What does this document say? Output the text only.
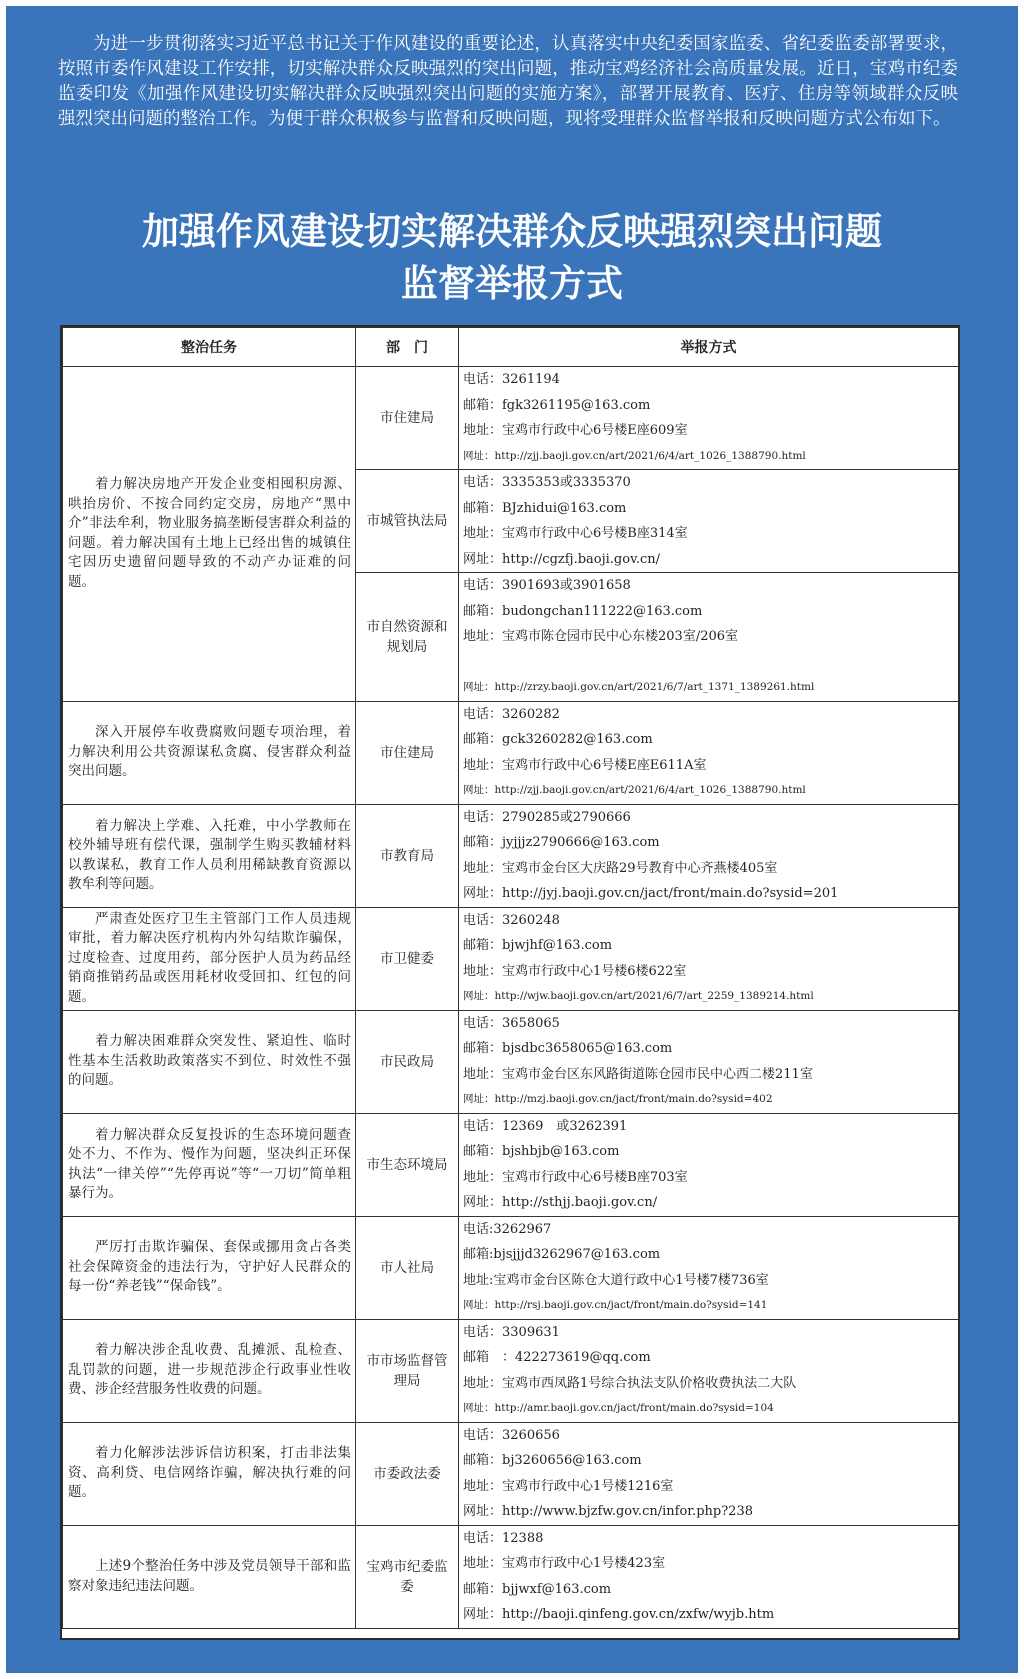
为进一步贯彻落实习近平总书记关于作风建设的重要论述，认真落实中央纪委国家监委、省纪委监委部署要求，按照市委作风建设工作安排，切实解决群众反映强烈的突出问题，推动宝鸡经济社会高质量发展。近日，宝鸡市纪委监委印发《加强作风建设切实解决群众反映强烈突出问题的实施方案》，部署开展教育、医疗、住房等领域群众反映强烈突出问题的整治工作。为便于群众积极参与监督和反映问题，现将受理群众监督举报和反映问题方式公布如下。
加强作风建设切实解决群众反映强烈突出问题
监督举报方式
整治任务	部　门	举报方式
着力解决房地产开发企业变相囤积房源、哄抬房价、不按合同约定交房，房地产“黑中介”非法牟利，物业服务搞垄断侵害群众利益的问题。着力解决国有土地上已经出售的城镇住宅因历史遗留问题导致的不动产办证难的问题。	市住建局	电话：3261194
邮箱：fgk3261195@163.com
地址：宝鸡市行政中心6号楼E座609室
网址：http://zjj.baoji.gov.cn/art/2021/6/4/art_1026_1388790.html

	市城管执法局	电话：3335353或3335370
邮箱：BJzhidui@163.com
地址：宝鸡市行政中心6号楼B座314室
网址：http://cgzfj.baoji.gov.cn/

	市自然资源和规划局	电话：3901693或3901658
邮箱：budongchan111222@163.com
地址：宝鸡市陈仓园市民中心东楼203室/206室

网址：http://zrzy.baoji.gov.cn/art/2021/6/7/art_1371_1389261.html

深入开展停车收费腐败问题专项治理，着力解决利用公共资源谋私贪腐、侵害群众利益突出问题。	市住建局	电话：3260282
邮箱：gck3260282@163.com
地址：宝鸡市行政中心6号楼E座E611A室
网址：http://zjj.baoji.gov.cn/art/2021/6/4/art_1026_1388790.html

着力解决上学难、入托难，中小学教师在校外辅导班有偿代课，强制学生购买教辅材料以教谋私，教育工作人员利用稀缺教育资源以教牟利等问题。	市教育局	电话：2790285或2790666
邮箱：jyjjjz2790666@163.com
地址：宝鸡市金台区大庆路29号教育中心齐燕楼405室
网址：http://jyj.baoji.gov.cn/jact/front/main.do?sysid=201

严肃查处医疗卫生主管部门工作人员违规审批，着力解决医疗机构内外勾结欺诈骗保，过度检查、过度用药，部分医护人员为药品经销商推销药品或医用耗材收受回扣、红包的问题。	市卫健委	电话：3260248
邮箱：bjwjhf@163.com
地址：宝鸡市行政中心1号楼6楼622室
网址：http://wjw.baoji.gov.cn/art/2021/6/7/art_2259_1389214.html

着力解决困难群众突发性、紧迫性、临时性基本生活救助政策落实不到位、时效性不强的问题。	市民政局	电话：3658065
邮箱：bjsdbc3658065@163.com
地址：宝鸡市金台区东风路街道陈仓园市民中心西二楼211室
网址：http://mzj.baoji.gov.cn/jact/front/main.do?sysid=402

着力解决群众反复投诉的生态环境问题查处不力、不作为、慢作为问题，坚决纠正环保执法“一律关停”“先停再说”等“一刀切”简单粗暴行为。	市生态环境局	电话：12369　或3262391
邮箱：bjshbjb@163.com
地址：宝鸡市行政中心6号楼B座703室
网址：http://sthjj.baoji.gov.cn/

严厉打击欺诈骗保、套保或挪用贪占各类社会保障资金的违法行为，守护好人民群众的每一份“养老钱”“保命钱”。	市人社局	电话:3262967
邮箱:bjsjjjd3262967@163.com
地址:宝鸡市金台区陈仓大道行政中心1号楼7楼736室
网址：http://rsj.baoji.gov.cn/jact/front/main.do?sysid=141

着力解决涉企乱收费、乱摊派、乱检查、乱罚款的问题，进一步规范涉企行政事业性收费、涉企经营服务性收费的问题。	市市场监督管理局	电话：3309631
邮箱　：422273619@qq.com
地址：宝鸡市西凤路1号综合执法支队价格收费执法二大队
网址：http://amr.baoji.gov.cn/jact/front/main.do?sysid=104

着力化解涉法涉诉信访积案，打击非法集资、高利贷、电信网络诈骗，解决执行难的问题。	市委政法委	电话：3260656
邮箱：bj3260656@163.com
地址：宝鸡市行政中心1号楼1216室
网址：http://www.bjzfw.gov.cn/infor.php?238

上述9个整治任务中涉及党员领导干部和监察对象违纪违法问题。	宝鸡市纪委监委	电话：12388
地址：宝鸡市行政中心1号楼423室
邮箱：bjjwxf@163.com
网址：http://baoji.qinfeng.gov.cn/zxfw/wyjb.htm
